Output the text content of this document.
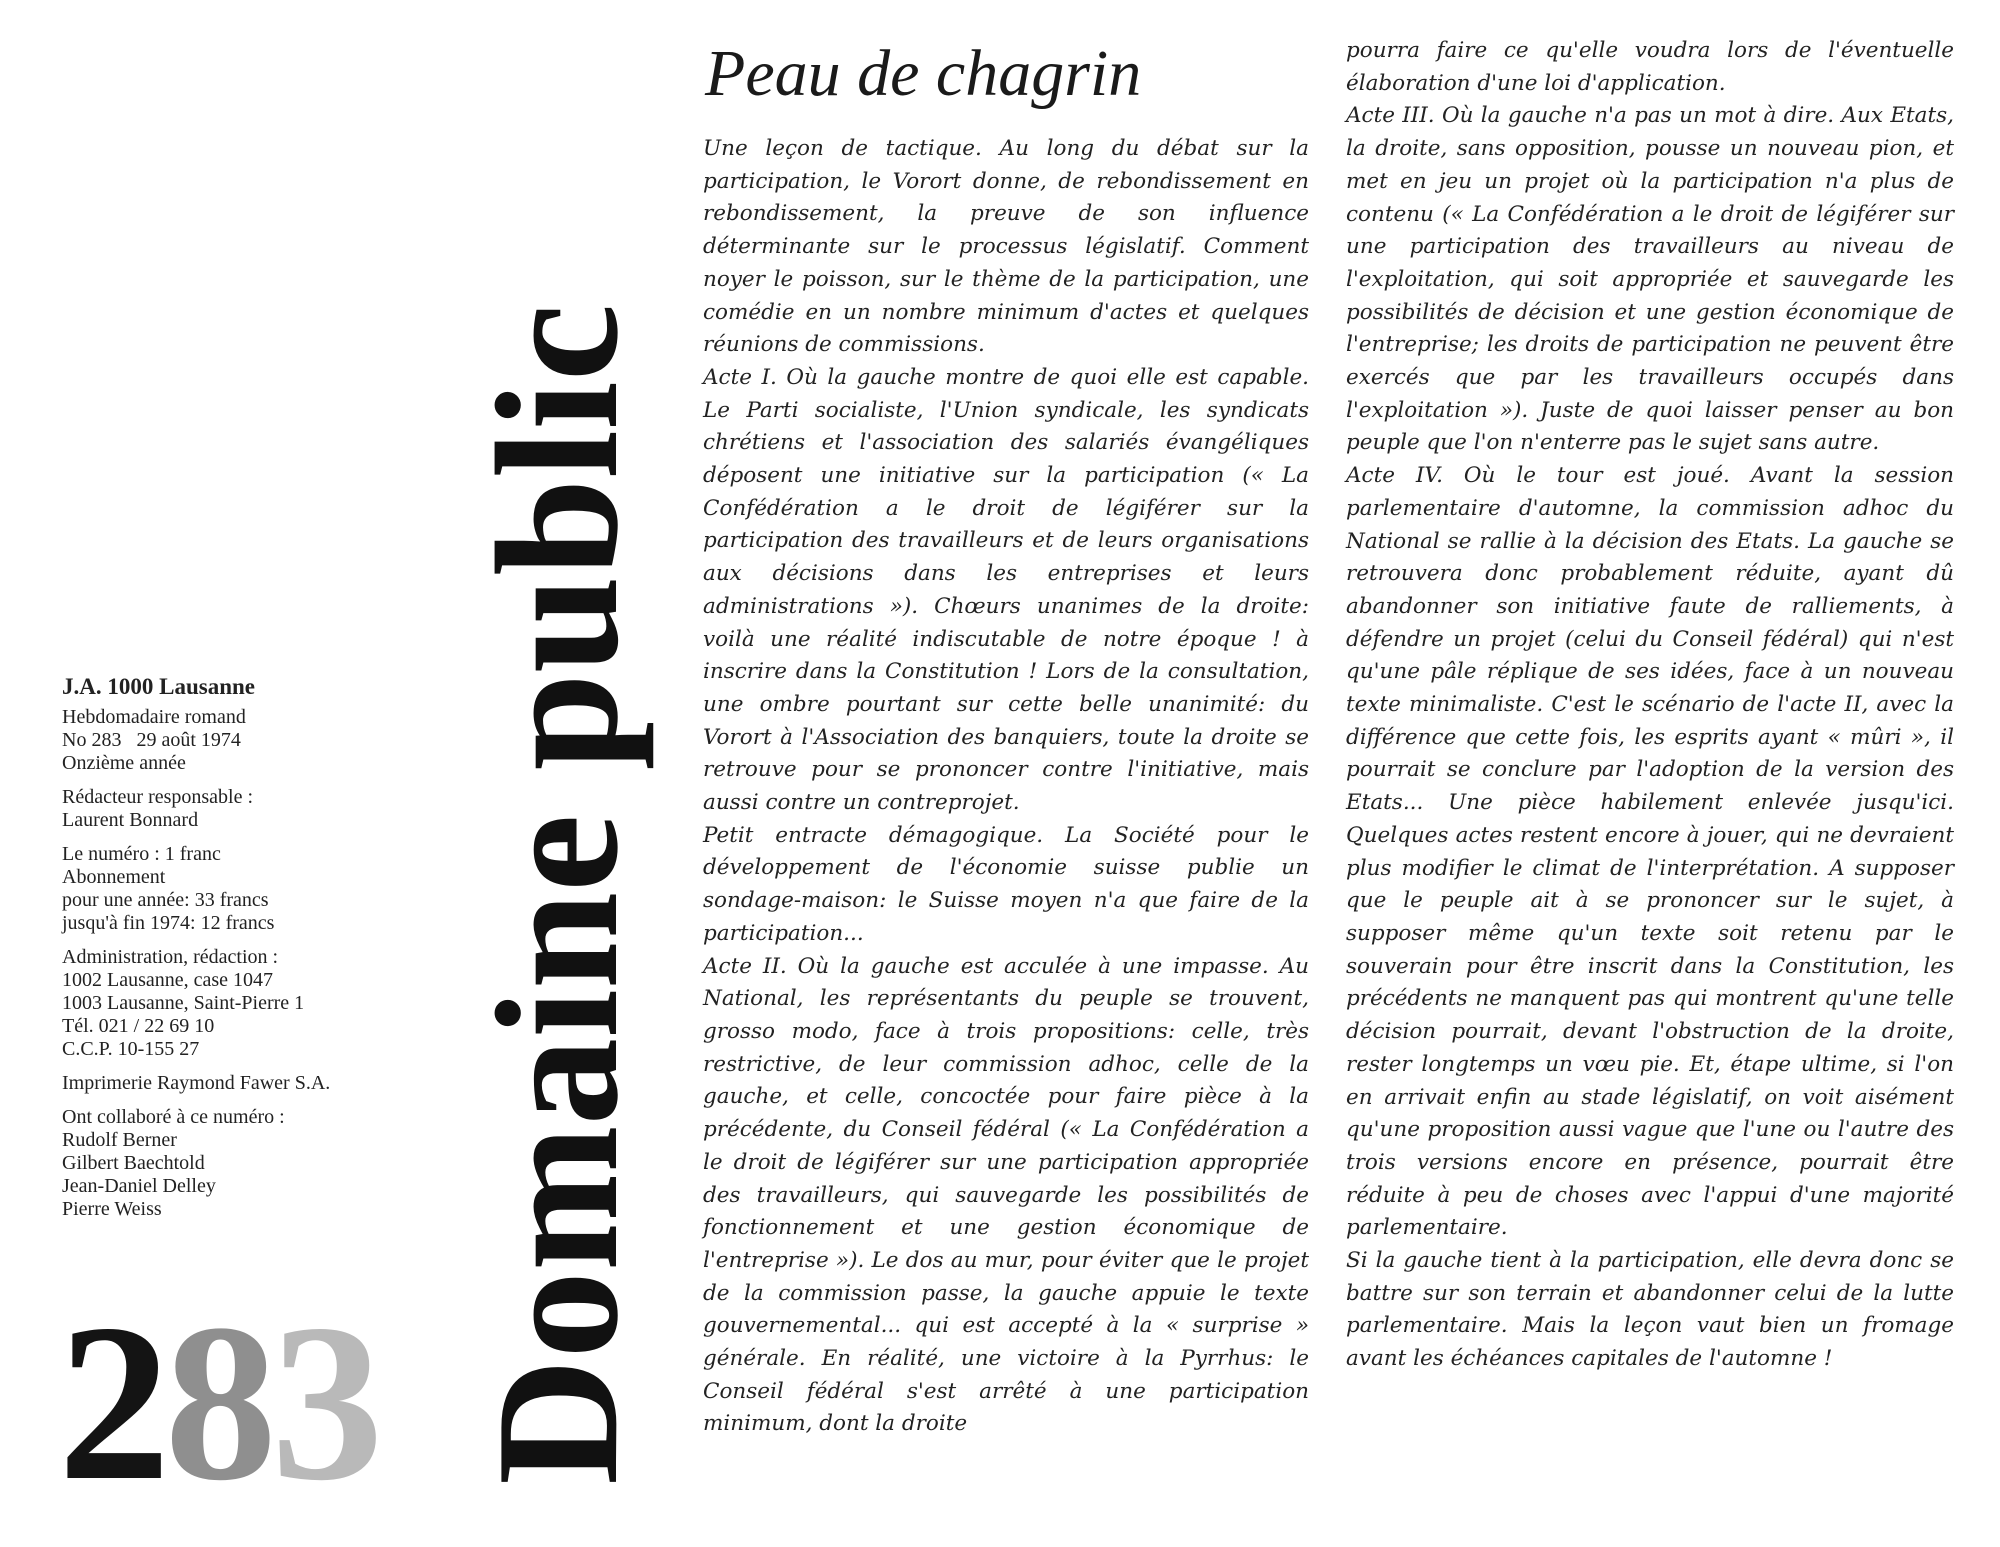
J.A. 1000 Lausanne
Hebdomadaire romand
No 283   29 août 1974
Onzième année
Rédacteur responsable :
Laurent Bonnard
Le numéro : 1 franc
Abonnement
pour une année: 33 francs
jusqu'à fin 1974: 12 francs
Administration, rédaction :
1002 Lausanne, case 1047
1003 Lausanne, Saint-Pierre 1
Tél. 021 / 22 69 10
C.C.P. 10-155 27
Imprimerie Raymond Fawer S.A.
Ont collaboré à ce numéro :
Rudolf Berner
Gilbert Baechtold
Jean-Daniel Delley
Pierre Weiss
283 Domaine public
Peau de chagrin

Une leçon de tactique. Au long du débat sur la participation, le Vorort donne, de rebondissement en rebondissement, la preuve de son influence déterminante sur le processus législatif. Comment noyer le poisson, sur le thème de la participation, une comédie en un nombre minimum d'actes et quelques réunions de commissions.

Acte I. Où la gauche montre de quoi elle est capable. Le Parti socialiste, l'Union syndicale, les syndicats chrétiens et l'association des salariés évangéliques déposent une initiative sur la participation (« La Confédération a le droit de légiférer sur la participation des travailleurs et de leurs organisations aux décisions dans les entreprises et leurs administrations »). Chœurs unanimes de la droite: voilà une réalité indiscutable de notre époque ! à inscrire dans la Constitution ! Lors de la consultation, une ombre pourtant sur cette belle unanimité: du Vorort à l'Association des banquiers, toute la droite se retrouve pour se prononcer contre l'initiative, mais aussi contre un contreprojet.

Petit entracte démagogique. La Société pour le développement de l'économie suisse publie un sondage-maison: le Suisse moyen n'a que faire de la participation...

Acte II. Où la gauche est acculée à une impasse. Au National, les représentants du peuple se trouvent, grosso modo, face à trois propositions: celle, très restrictive, de leur commission adhoc, celle de la gauche, et celle, concoctée pour faire pièce à la précédente, du Conseil fédéral (« La Confédération a le droit de légiférer sur une participation appropriée des travailleurs, qui sauvegarde les possibilités de fonctionnement et une gestion économique de l'entreprise »). Le dos au mur, pour éviter que le projet de la commission passe, la gauche appuie le texte gouvernemental... qui est accepté à la « surprise » générale. En réalité, une victoire à la Pyrrhus: le Conseil fédéral s'est arrêté à une participation minimum, dont la droite

pourra faire ce qu'elle voudra lors de l'éventuelle élaboration d'une loi d'application.

Acte III. Où la gauche n'a pas un mot à dire. Aux Etats, la droite, sans opposition, pousse un nouveau pion, et met en jeu un projet où la participation n'a plus de contenu (« La Confédération a le droit de légiférer sur une participation des travailleurs au niveau de l'exploitation, qui soit appropriée et sauvegarde les possibilités de décision et une gestion économique de l'entreprise; les droits de participation ne peuvent être exercés que par les travailleurs occupés dans l'exploitation »). Juste de quoi laisser penser au bon peuple que l'on n'enterre pas le sujet sans autre.

Acte IV. Où le tour est joué. Avant la session parlementaire d'automne, la commission adhoc du National se rallie à la décision des Etats. La gauche se retrouvera donc probablement réduite, ayant dû abandonner son initiative faute de ralliements, à défendre un projet (celui du Conseil fédéral) qui n'est qu'une pâle réplique de ses idées, face à un nouveau texte minimaliste. C'est le scénario de l'acte II, avec la différence que cette fois, les esprits ayant « mûri », il pourrait se conclure par l'adoption de la version des Etats... Une pièce habilement enlevée jusqu'ici. Quelques actes restent encore à jouer, qui ne devraient plus modifier le climat de l'interprétation. A supposer que le peuple ait à se prononcer sur le sujet, à supposer même qu'un texte soit retenu par le souverain pour être inscrit dans la Constitution, les précédents ne manquent pas qui montrent qu'une telle décision pourrait, devant l'obstruction de la droite, rester longtemps un vœu pie. Et, étape ultime, si l'on en arrivait enfin au stade législatif, on voit aisément qu'une proposition aussi vague que l'une ou l'autre des trois versions encore en présence, pourrait être réduite à peu de choses avec l'appui d'une majorité parlementaire.

Si la gauche tient à la participation, elle devra donc se battre sur son terrain et abandonner celui de la lutte parlementaire. Mais la leçon vaut bien un fromage avant les échéances capitales de l'automne !
